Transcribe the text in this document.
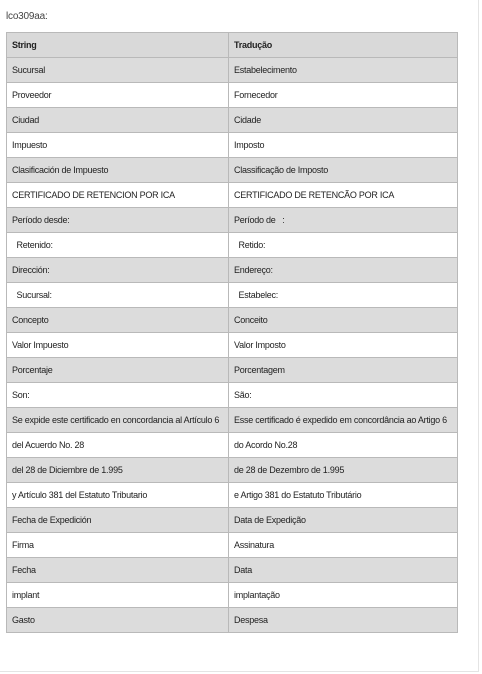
lco309aa:
String	Tradução
Sucursal	Estabelecimento
Proveedor	Fornecedor
Ciudad	Cidade
Impuesto	Imposto
Clasificación de Impuesto	Classificação de Imposto
CERTIFICADO DE RETENCION POR ICA	CERTIFICADO DE RETENCÃO POR ICA
Período desde:	Período de   :
Retenido:	Retido:
Dirección:	Endereço:
Sucursal:	Estabelec:
Concepto	Conceito
Valor Impuesto	Valor Imposto
Porcentaje	Porcentagem
Son:	São:
Se expide este certificado en concordancia al Artículo 6	Esse certificado é expedido em concordância ao Artigo 6
del Acuerdo No. 28	do Acordo No.28
del 28 de Diciembre de 1.995	de 28 de Dezembro de 1.995
y Artículo 381 del Estatuto Tributario	e Artigo 381 do Estatuto Tributário
Fecha de Expedición	Data de Expedição
Firma	Assinatura
Fecha	Data
implant	implantação
Gasto	Despesa
